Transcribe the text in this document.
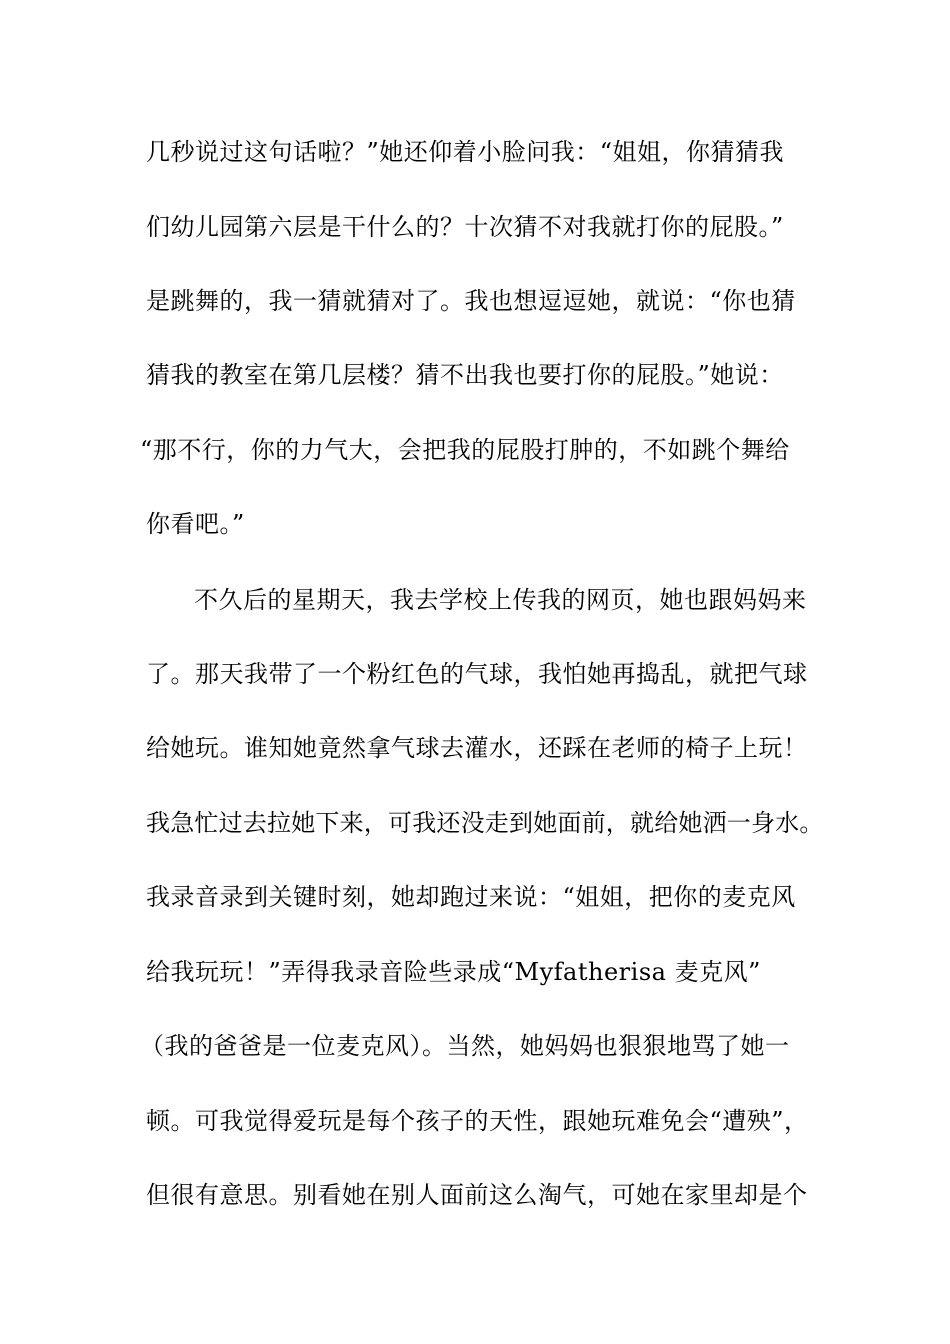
几秒说过这句话啦？”她还仰着小脸问我：“姐姐，你猜猜我
们幼儿园第六层是干什么的？十次猜不对我就打你的屁股。”
是跳舞的，我一猜就猜对了。我也想逗逗她，就说：“你也猜
猜我的教室在第几层楼？猜不出我也要打你的屁股。”她说：
“那不行，你的力气大，会把我的屁股打肿的，不如跳个舞给
你看吧。”
不久后的星期天，我去学校上传我的网页，她也跟妈妈来
了。那天我带了一个粉红色的气球，我怕她再捣乱，就把气球
给她玩。谁知她竟然拿气球去灌水，还踩在老师的椅子上玩！
我急忙过去拉她下来，可我还没走到她面前，就给她洒一身水。
我录音录到关键时刻，她却跑过来说：“姐姐，把你的麦克风
给我玩玩！”弄得我录音险些录成“Myfatherisa 麦克风”
（我的爸爸是一位麦克风）。当然，她妈妈也狠狠地骂了她一
顿。可我觉得爱玩是每个孩子的天性，跟她玩难免会“遭殃”，
但很有意思。别看她在别人面前这么淘气，可她在家里却是个
